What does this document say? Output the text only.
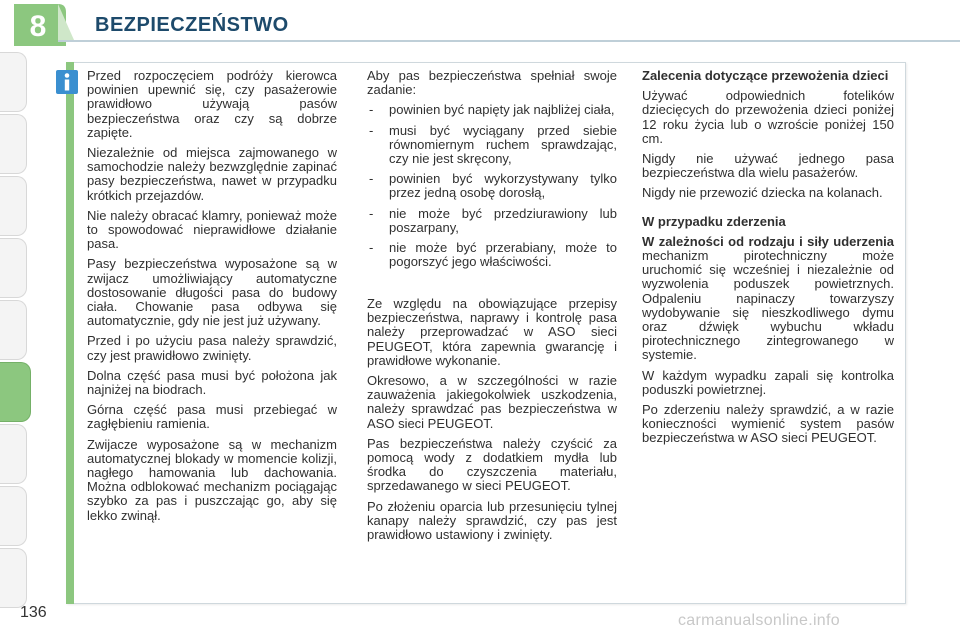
8 BEZPIECZEŃSTWO

Przed rozpoczęciem podróży kierowca powinien upewnić się, czy pasażerowie prawidłowo używają pasów bezpieczeństwa oraz czy są dobrze zapięte.

Niezależnie od miejsca zajmowanego w samochodzie należy bezwzględnie zapinać pasy bezpieczeństwa, nawet w przypadku krótkich przejazdów.

Nie należy obracać klamry, ponieważ może to spowodować nieprawidłowe działanie pasa.

Pasy bezpieczeństwa wyposażone są w zwijacz umożliwiający automatyczne dostosowanie długości pasa do budowy ciała. Chowanie pasa odbywa się automatycznie, gdy nie jest już używany.

Przed i po użyciu pasa należy sprawdzić, czy jest prawidłowo zwinięty.

Dolna część pasa musi być położona jak najniżej na biodrach.

Górna część pasa musi przebiegać w zagłębieniu ramienia.

Zwijacze wyposażone są w mechanizm automatycznej blokady w momencie kolizji, nagłego hamowania lub dachowania. Można odblokować mechanizm pociągając szybko za pas i puszczając go, aby się lekko zwinął.

Aby pas bezpieczeństwa spełniał swoje zadanie:

- powinien być napięty jak najbliżej ciała,
- musi być wyciągany przed siebie równomiernym ruchem sprawdzając, czy nie jest skręcony,
- powinien być wykorzystywany tylko przez jedną osobę dorosłą,
- nie może być przedziurawiony lub poszarpany,
- nie może być przerabiany, może to pogorszyć jego właściwości.

Ze względu na obowiązujące przepisy bezpieczeństwa, naprawy i kontrolę pasa należy przeprowadzać w ASO sieci PEUGEOT, która zapewnia gwarancję i prawidłowe wykonanie.

Okresowo, a w szczególności w razie zauważenia jakiegokolwiek uszkodzenia, należy sprawdzać pas bezpieczeństwa w ASO sieci PEUGEOT.

Pas bezpieczeństwa należy czyścić za pomocą wody z dodatkiem mydła lub środka do czyszczenia materiału, sprzedawanego w sieci PEUGEOT.

Po złożeniu oparcia lub przesunięciu tylnej kanapy należy sprawdzić, czy pas jest prawidłowo ustawiony i zwinięty.

Zalecenia dotyczące przewożenia dzieci

Używać odpowiednich fotelików dziecięcych do przewożenia dzieci poniżej 12 roku życia lub o wzroście poniżej 150 cm.

Nigdy nie używać jednego pasa bezpieczeństwa dla wielu pasażerów.

Nigdy nie przewozić dziecka na kolanach.

W przypadku zderzenia

W zależności od rodzaju i siły uderzenia mechanizm pirotechniczny może uruchomić się wcześniej i niezależnie od wyzwolenia poduszek powietrznych. Odpaleniu napinaczy towarzyszy wydobywanie się nieszkodliwego dymu oraz dźwięk wybuchu wkładu pirotechnicznego zintegrowanego w systemie.

W każdym wypadku zapali się kontrolka poduszki powietrznej.

Po zderzeniu należy sprawdzić, a w razie konieczności wymienić system pasów bezpieczeństwa w ASO sieci PEUGEOT.

136	carmanualsonline.info
